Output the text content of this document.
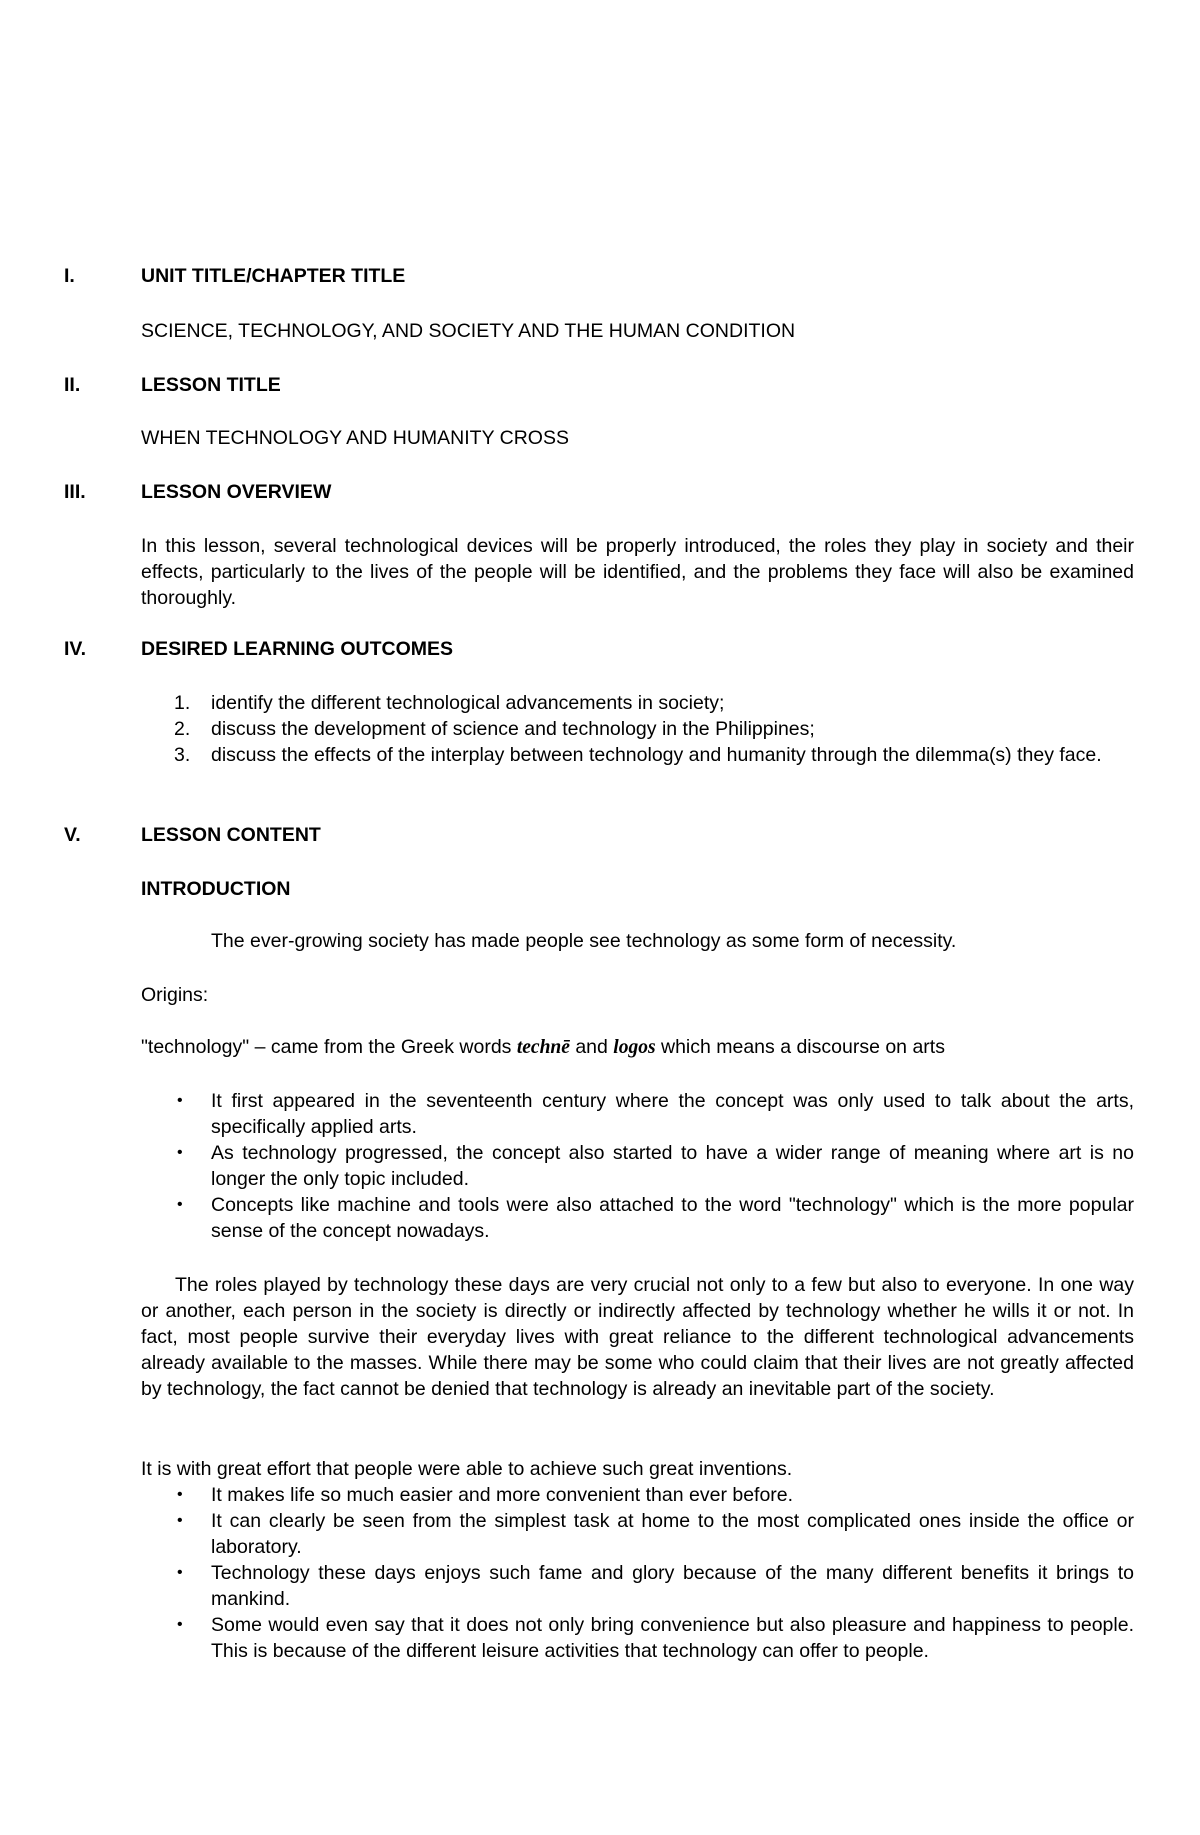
I.	UNIT TITLE/CHAPTER TITLE
SCIENCE, TECHNOLOGY, AND SOCIETY AND THE HUMAN CONDITION
II.	LESSON TITLE
WHEN TECHNOLOGY AND HUMANITY CROSS
III.	LESSON OVERVIEW
In this lesson, several technological devices will be properly introduced, the roles they play in society and their effects, particularly to the lives of the people will be identified, and the problems they face will also be examined thoroughly.
IV.	DESIRED LEARNING OUTCOMES
1. identify the different technological advancements in society;
2. discuss the development of science and technology in the Philippines;
3. discuss the effects of the interplay between technology and humanity through the dilemma(s) they face.
V.	LESSON CONTENT
INTRODUCTION
The ever-growing society has made people see technology as some form of necessity.
Origins:
"technology" – came from the Greek words technē and logos which means a discourse on arts
• It first appeared in the seventeenth century where the concept was only used to talk about the arts, specifically applied arts.
• As technology progressed, the concept also started to have a wider range of meaning where art is no longer the only topic included.
• Concepts like machine and tools were also attached to the word "technology" which is the more popular sense of the concept nowadays.
The roles played by technology these days are very crucial not only to a few but also to everyone. In one way or another, each person in the society is directly or indirectly affected by technology whether he wills it or not. In fact, most people survive their everyday lives with great reliance to the different technological advancements already available to the masses. While there may be some who could claim that their lives are not greatly affected by technology, the fact cannot be denied that technology is already an inevitable part of the society.
It is with great effort that people were able to achieve such great inventions.
• It makes life so much easier and more convenient than ever before.
• It can clearly be seen from the simplest task at home to the most complicated ones inside the office or laboratory.
• Technology these days enjoys such fame and glory because of the many different benefits it brings to mankind.
• Some would even say that it does not only bring convenience but also pleasure and happiness to people. This is because of the different leisure activities that technology can offer to people.
